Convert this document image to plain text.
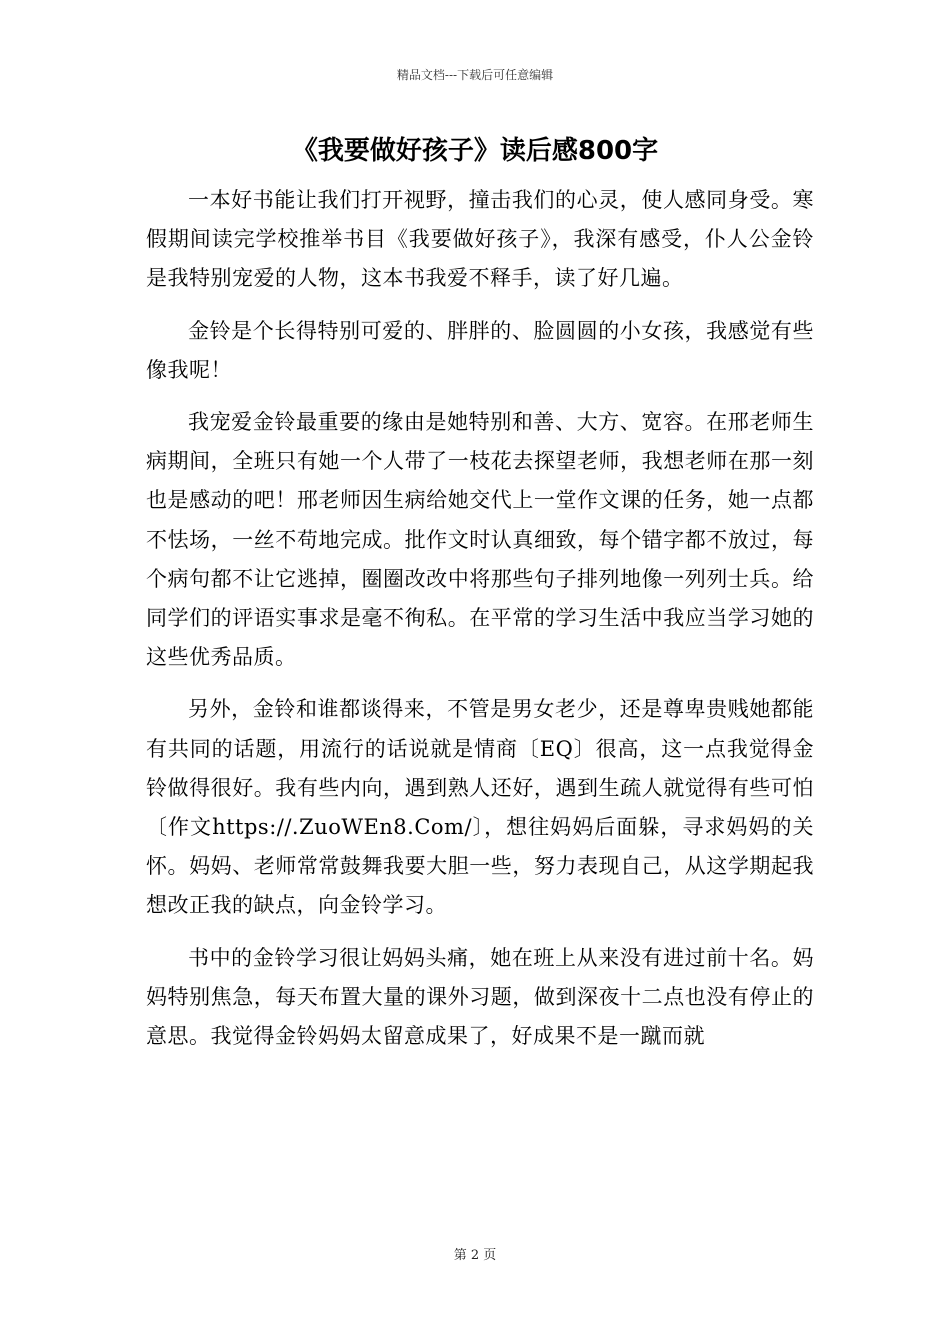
精品文档---下载后可任意编辑
《我要做好孩子》读后感800字

一本好书能让我们打开视野，撞击我们的心灵，使人感同身受。寒假期间读完学校推举书目《我要做好孩子》，我深有感受，仆人公金铃是我特别宠爱的人物，这本书我爱不释手，读了好几遍。

金铃是个长得特别可爱的、胖胖的、脸圆圆的小女孩，我感觉有些像我呢！

我宠爱金铃最重要的缘由是她特别和善、大方、宽容。在邢老师生病期间，全班只有她一个人带了一枝花去探望老师，我想老师在那一刻也是感动的吧！邢老师因生病给她交代上一堂作文课的任务，她一点都不怯场，一丝不苟地完成。批作文时认真细致，每个错字都不放过，每个病句都不让它逃掉，圈圈改改中将那些句子排列地像一列列士兵。给同学们的评语实事求是毫不徇私。在平常的学习生活中我应当学习她的这些优秀品质。

另外，金铃和谁都谈得来，不管是男女老少，还是尊卑贵贱她都能有共同的话题，用流行的话说就是情商〔EQ〕很高，这一点我觉得金铃做得很好。我有些内向，遇到熟人还好，遇到生疏人就觉得有些可怕〔作文https://.ZuoWEn8.Com/〕，想往妈妈后面躲，寻求妈妈的关怀。妈妈、老师常常鼓舞我要大胆一些，努力表现自己，从这学期起我想改正我的缺点，向金铃学习。

书中的金铃学习很让妈妈头痛，她在班上从来没有进过前十名。妈妈特别焦急，每天布置大量的课外习题，做到深夜十二点也没有停止的意思。我觉得金铃妈妈太留意成果了，好成果不是一蹴而就

第 2 页
